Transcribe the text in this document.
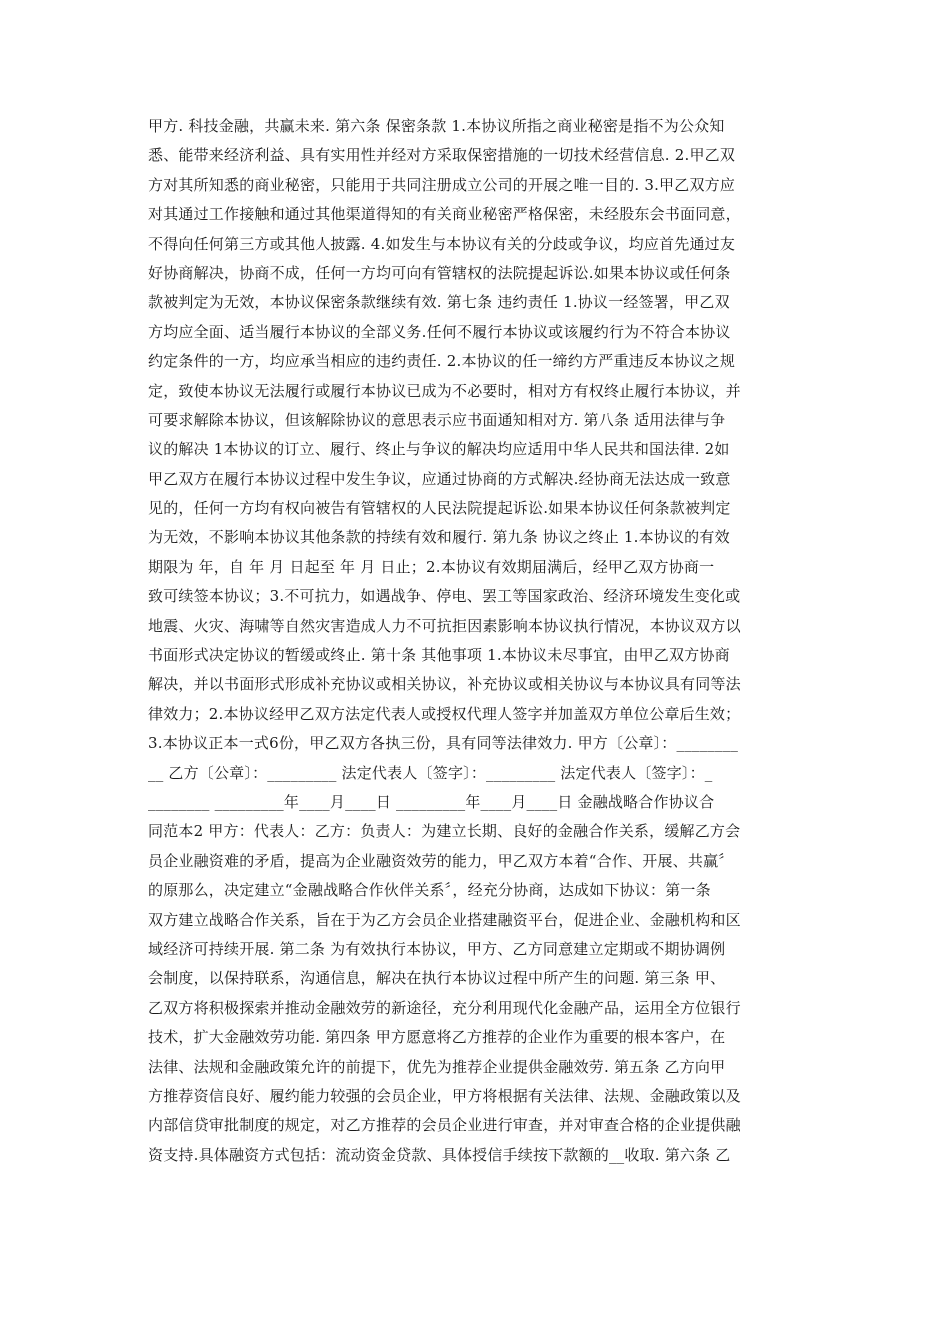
甲方. 科技金融，共赢未来. 第六条 保密条款 1.本协议所指之商业秘密是指不为公众知
悉、能带来经济利益、具有实用性并经对方采取保密措施的一切技术经营信息. 2.甲乙双
方对其所知悉的商业秘密，只能用于共同注册成立公司的开展之唯一目的. 3.甲乙双方应
对其通过工作接触和通过其他渠道得知的有关商业秘密严格保密，未经股东会书面同意，
不得向任何第三方或其他人披露. 4.如发生与本协议有关的分歧或争议，均应首先通过友
好协商解决，协商不成，任何一方均可向有管辖权的法院提起诉讼.如果本协议或任何条
款被判定为无效，本协议保密条款继续有效. 第七条 违约责任 1.协议一经签署，甲乙双
方均应全面、适当履行本协议的全部义务.任何不履行本协议或该履约行为不符合本协议
约定条件的一方，均应承当相应的违约责任. 2.本协议的任一缔约方严重违反本协议之规
定，致使本协议无法履行或履行本协议已成为不必要时，相对方有权终止履行本协议，并
可要求解除本协议，但该解除协议的意思表示应书面通知相对方. 第八条 适用法律与争
议的解决 1本协议的订立、履行、终止与争议的解决均应适用中华人民共和国法律. 2如
甲乙双方在履行本协议过程中发生争议，应通过协商的方式解决.经协商无法达成一致意
见的，任何一方均有权向被告有管辖权的人民法院提起诉讼.如果本协议任何条款被判定
为无效，不影响本协议其他条款的持续有效和履行. 第九条 协议之终止 1.本协议的有效
期限为 年，自 年 月 日起至 年 月 日止；2.本协议有效期届满后，经甲乙双方协商一
致可续签本协议；3.不可抗力，如遇战争、停电、罢工等国家政治、经济环境发生变化或
地震、火灾、海啸等自然灾害造成人力不可抗拒因素影响本协议执行情况，本协议双方以
书面形式决定协议的暂缓或终止. 第十条 其他事项 1.本协议未尽事宜，由甲乙双方协商
解决，并以书面形式形成补充协议或相关协议，补充协议或相关协议与本协议具有同等法
律效力；2.本协议经甲乙双方法定代表人或授权代理人签字并加盖双方单位公章后生效；
3.本协议正本一式6份，甲乙双方各执三份，具有同等法律效力. 甲方〔公章〕：________
__ 乙方〔公章〕：_________ 法定代表人〔签字〕：_________ 法定代表人〔签字〕：_
________ _________年____月____日 _________年____月____日 金融战略合作协议合
同范本2 甲方：代表人：乙方：负责人：为建立长期、良好的金融合作关系，缓解乙方会
员企业融资难的矛盾，提高为企业融资效劳的能力，甲乙双方本着“合作、开展、共赢〞
的原那么，决定建立“金融战略合作伙伴关系〞，经充分协商，达成如下协议：第一条
双方建立战略合作关系，旨在于为乙方会员企业搭建融资平台，促进企业、金融机构和区
域经济可持续开展. 第二条 为有效执行本协议，甲方、乙方同意建立定期或不期协调例
会制度，以保持联系，沟通信息，解决在执行本协议过程中所产生的问题. 第三条 甲、
乙双方将积极探索并推动金融效劳的新途径，充分利用现代化金融产品，运用全方位银行
技术，扩大金融效劳功能. 第四条 甲方愿意将乙方推荐的企业作为重要的根本客户，在
法律、法规和金融政策允许的前提下，优先为推荐企业提供金融效劳. 第五条 乙方向甲
方推荐资信良好、履约能力较强的会员企业，甲方将根据有关法律、法规、金融政策以及
内部信贷审批制度的规定，对乙方推荐的会员企业进行审查，并对审查合格的企业提供融
资支持.具体融资方式包括：流动资金贷款、具体授信手续按下款额的__收取. 第六条 乙
